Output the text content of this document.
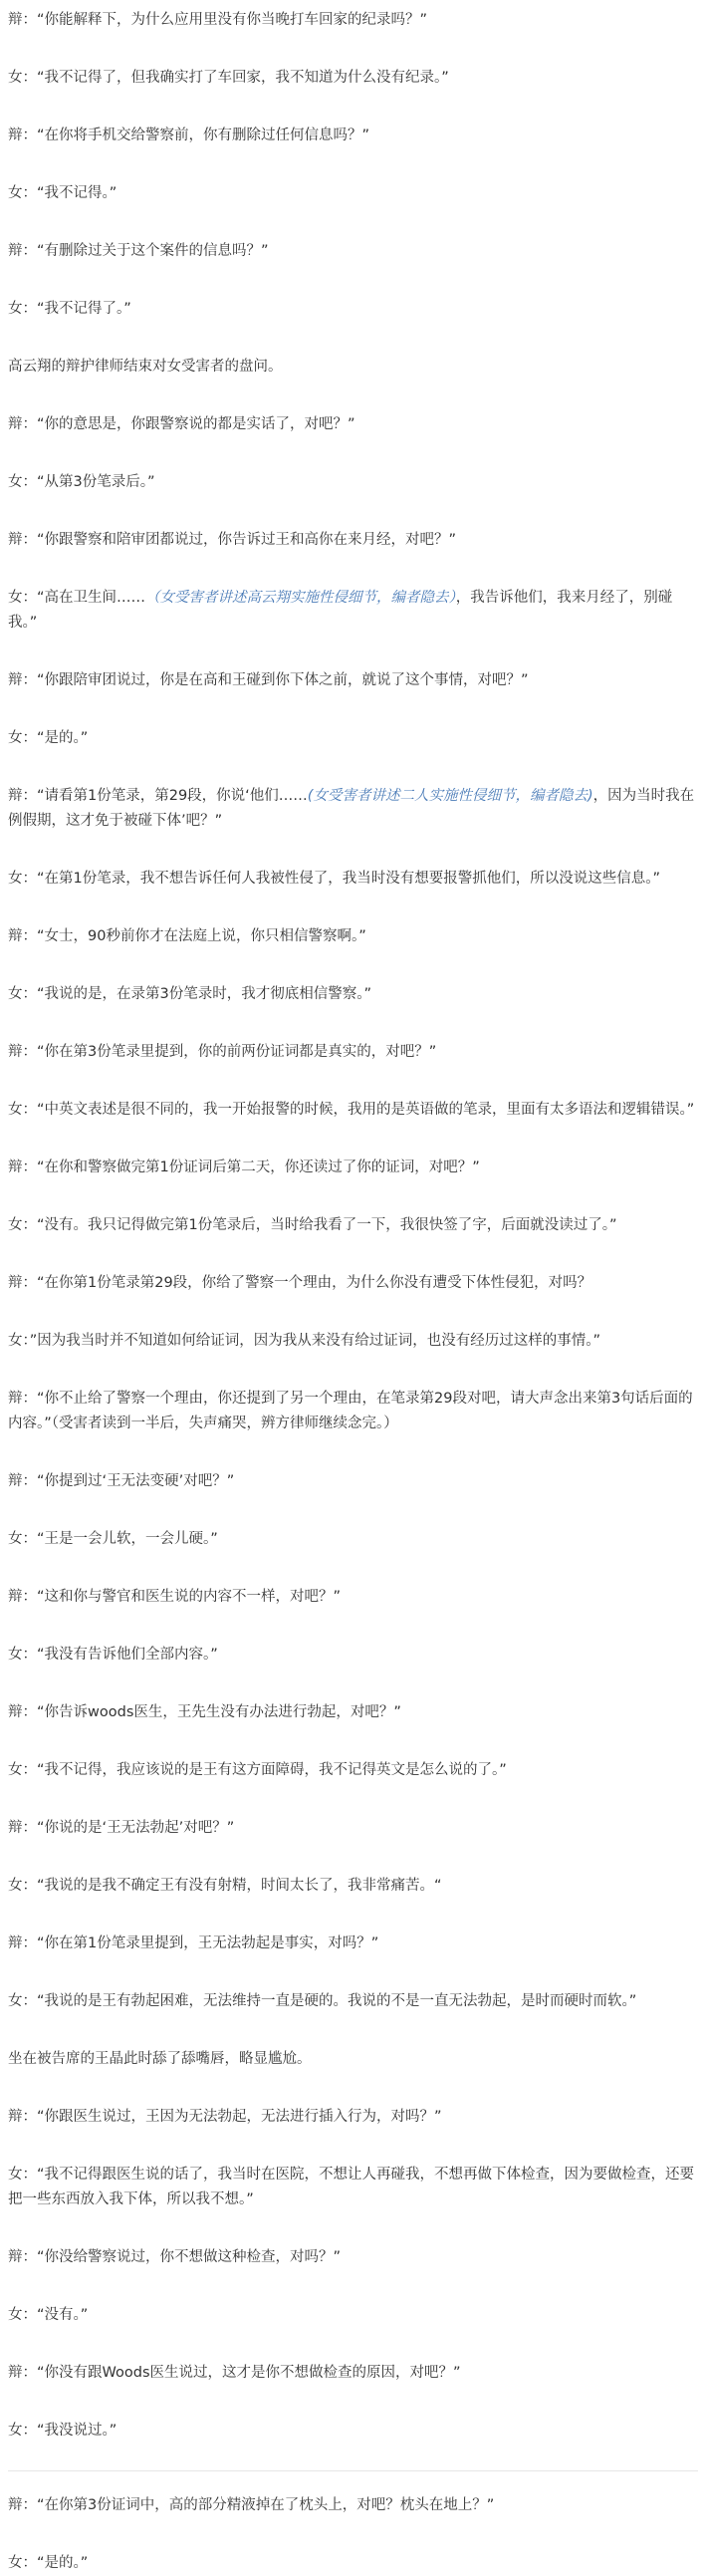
辩：“你能解释下，为什么应用里没有你当晚打车回家的纪录吗？”

女：“我不记得了，但我确实打了车回家，我不知道为什么没有纪录。”

辩：“在你将手机交给警察前，你有删除过任何信息吗？”

女：“我不记得。”

辩：“有删除过关于这个案件的信息吗？”

女：“我不记得了。”

高云翔的辩护律师结束对女受害者的盘问。

辩：“你的意思是，你跟警察说的都是实话了，对吧？”

女：“从第3份笔录后。”

辩：“你跟警察和陪审团都说过，你告诉过王和高你在来月经，对吧？”

女：“高在卫生间……（女受害者讲述高云翔实施性侵细节，编者隐去），我告诉他们，我来月经了，别碰我。”

辩：“你跟陪审团说过，你是在高和王碰到你下体之前，就说了这个事情，对吧？”

女：“是的。”

辩：“请看第1份笔录，第29段，你说‘他们……(女受害者讲述二人实施性侵细节，编者隐去)，因为当时我在例假期，这才免于被碰下体’吧？”

女：“在第1份笔录，我不想告诉任何人我被性侵了，我当时没有想要报警抓他们，所以没说这些信息。”

辩：“女士，90秒前你才在法庭上说，你只相信警察啊。”

女：“我说的是，在录第3份笔录时，我才彻底相信警察。”

辩：“你在第3份笔录里提到，你的前两份证词都是真实的，对吧？”

女：“中英文表述是很不同的，我一开始报警的时候，我用的是英语做的笔录，里面有太多语法和逻辑错误。”

辩：“在你和警察做完第1份证词后第二天，你还读过了你的证词，对吧？”

女：“没有。我只记得做完第1份笔录后，当时给我看了一下，我很快签了字，后面就没读过了。”

辩：“在你第1份笔录第29段，你给了警察一个理由，为什么你没有遭受下体性侵犯，对吗？

女：”因为我当时并不知道如何给证词，因为我从来没有给过证词，也没有经历过这样的事情。”

辩：“你不止给了警察一个理由，你还提到了另一个理由，在笔录第29段对吧，请大声念出来第3句话后面的内容。”（受害者读到一半后，失声痛哭，辨方律师继续念完。）

辩：“你提到过‘王无法变硬’对吧？”

女：“王是一会儿软，一会儿硬。”

辩：“这和你与警官和医生说的内容不一样，对吧？”

女：“我没有告诉他们全部内容。”

辩：“你告诉woods医生，王先生没有办法进行勃起，对吧？”

女：“我不记得，我应该说的是王有这方面障碍，我不记得英文是怎么说的了。”

辩：“你说的是‘王无法勃起’对吧？”

女：“我说的是我不确定王有没有射精，时间太长了，我非常痛苦。“

辩：“你在第1份笔录里提到，王无法勃起是事实，对吗？”

女：“我说的是王有勃起困难，无法维持一直是硬的。我说的不是一直无法勃起，是时而硬时而软。”

坐在被告席的王晶此时舔了舔嘴唇，略显尴尬。

辩：“你跟医生说过，王因为无法勃起，无法进行插入行为，对吗？”

女：“我不记得跟医生说的话了，我当时在医院，不想让人再碰我，不想再做下体检查，因为要做检查，还要把一些东西放入我下体，所以我不想。”

辩：“你没给警察说过，你不想做这种检查，对吗？”

女：“没有。”

辩：“你没有跟Woods医生说过，这才是你不想做检查的原因，对吧？”

女：“我没说过。”

辩：“在你第3份证词中，高的部分精液掉在了枕头上，对吧？枕头在地上？”

女：“是的。”
